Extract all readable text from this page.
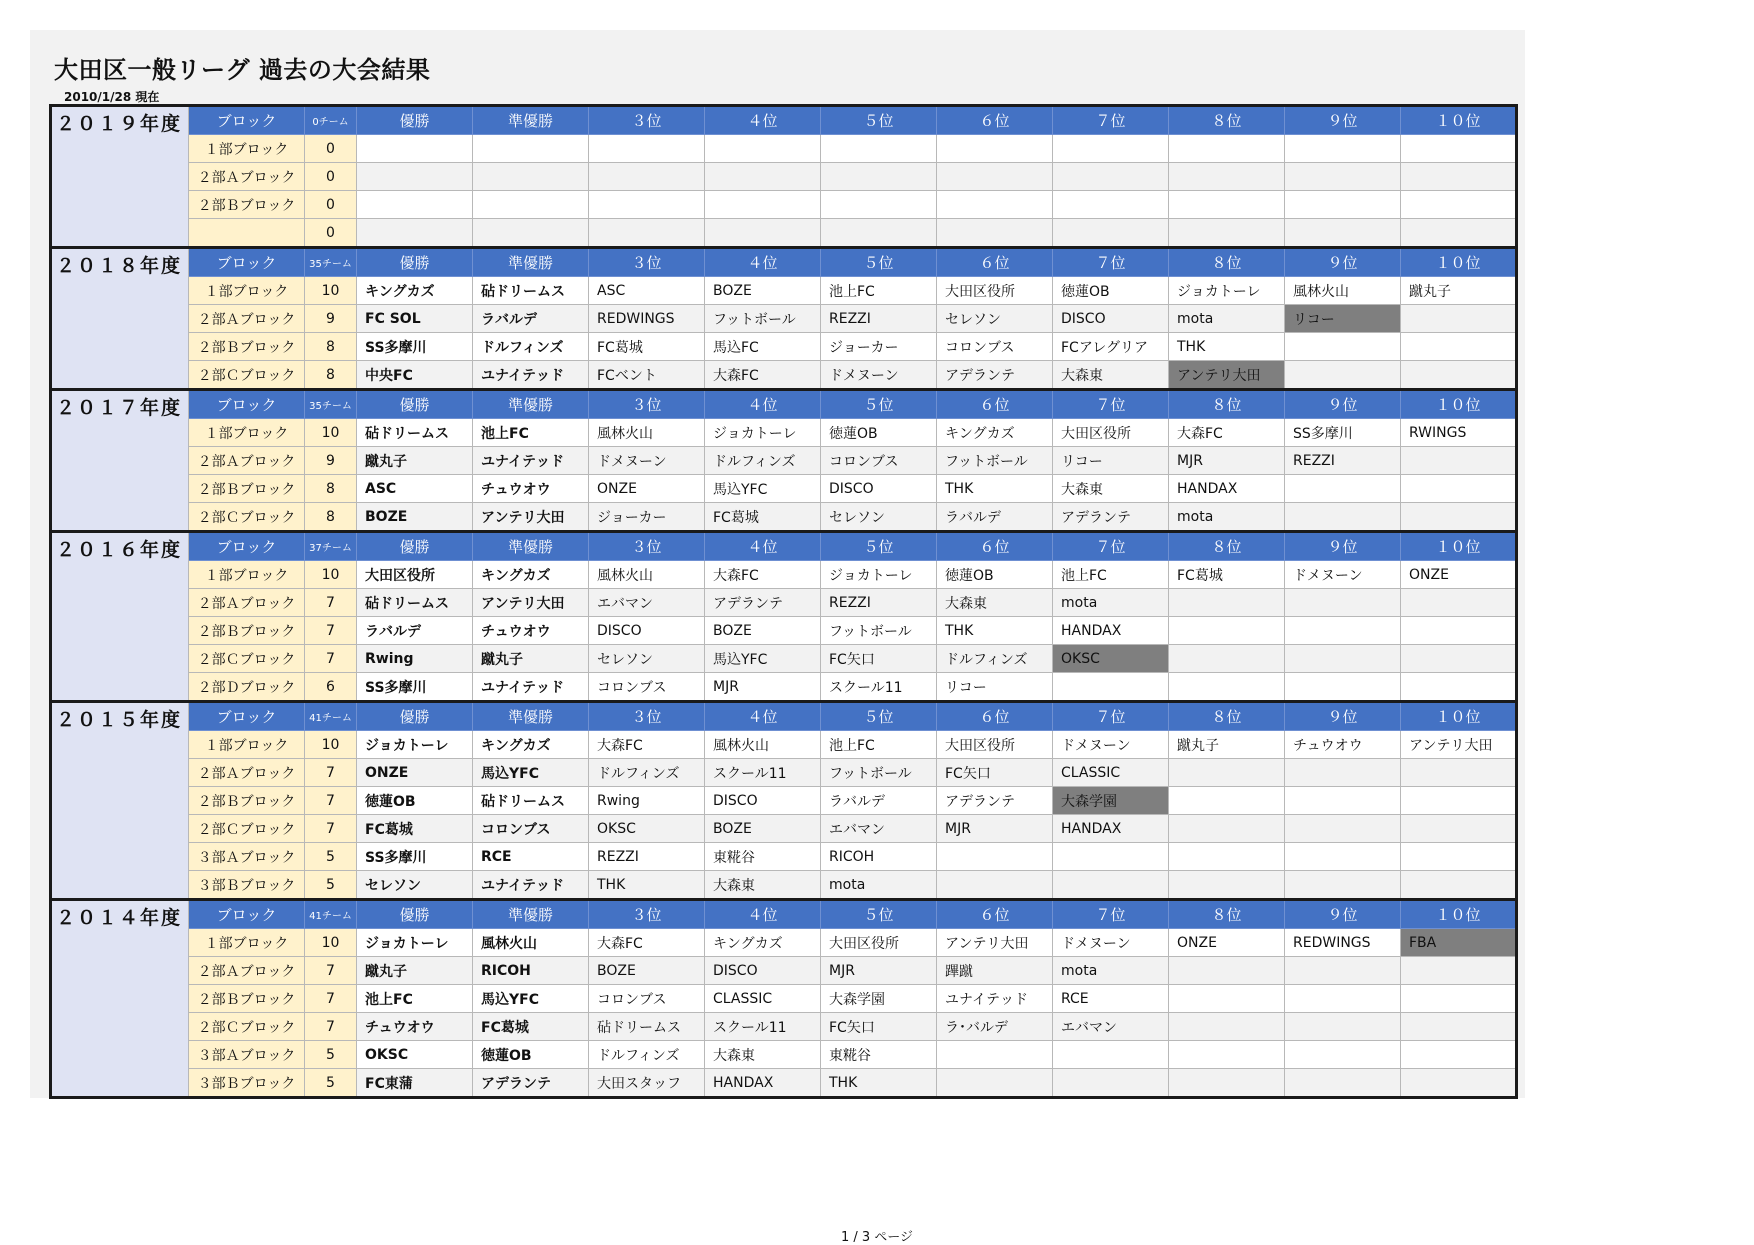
大田区一般リーグ 過去の大会結果
2010/1/28 現在
２０１９年度	ブロック	0チーム	優勝	準優勝	３位	４位	５位	６位	７位	８位	９位	１０位
	１部ブロック	0										
	２部Ａブロック	0										
	２部Ｂブロック	0										
		0										
２０１８年度	ブロック	35チーム	優勝	準優勝	３位	４位	５位	６位	７位	８位	９位	１０位
	１部ブロック	10	キングカズ	砧ドリームス	ASC	BOZE	池上FC	大田区役所	徳蓮OB	ジョカトーレ	風林火山	蹴丸子
	２部Ａブロック	9	FC SOL	ラバルデ	REDWINGS	フットボール	REZZI	セレソン	DISCO	mota	リコー	
	２部Ｂブロック	8	SS多摩川	ドルフィンズ	FC葛城	馬込FC	ジョーカー	コロンブス	FCアレグリア	THK		
	２部Ｃブロック	8	中央FC	ユナイテッド	FCベント	大森FC	ドメヌーン	アデランテ	大森東	アンテリ大田		
２０１７年度	ブロック	35チーム	優勝	準優勝	３位	４位	５位	６位	７位	８位	９位	１０位
	１部ブロック	10	砧ドリームス	池上FC	風林火山	ジョカトーレ	徳蓮OB	キングカズ	大田区役所	大森FC	SS多摩川	RWINGS
	２部Ａブロック	9	蹴丸子	ユナイテッド	ドメヌーン	ドルフィンズ	コロンブス	フットボール	リコー	MJR	REZZI	
	２部Ｂブロック	8	ASC	チュウオウ	ONZE	馬込YFC	DISCO	THK	大森東	HANDAX		
	２部Ｃブロック	8	BOZE	アンテリ大田	ジョーカー	FC葛城	セレソン	ラバルデ	アデランテ	mota		
２０１６年度	ブロック	37チーム	優勝	準優勝	３位	４位	５位	６位	７位	８位	９位	１０位
	１部ブロック	10	大田区役所	キングカズ	風林火山	大森FC	ジョカトーレ	徳蓮OB	池上FC	FC葛城	ドメヌーン	ONZE
	２部Ａブロック	7	砧ドリームス	アンテリ大田	エバマン	アデランテ	REZZI	大森東	mota			
	２部Ｂブロック	7	ラバルデ	チュウオウ	DISCO	BOZE	フットボール	THK	HANDAX			
	２部Ｃブロック	7	Rwing	蹴丸子	セレソン	馬込YFC	FC矢口	ドルフィンズ	OKSC			
	２部Ｄブロック	6	SS多摩川	ユナイテッド	コロンブス	MJR	スクール11	リコー				
２０１５年度	ブロック	41チーム	優勝	準優勝	３位	４位	５位	６位	７位	８位	９位	１０位
	１部ブロック	10	ジョカトーレ	キングカズ	大森FC	風林火山	池上FC	大田区役所	ドメヌーン	蹴丸子	チュウオウ	アンテリ大田
	２部Ａブロック	7	ONZE	馬込YFC	ドルフィンズ	スクール11	フットボール	FC矢口	CLASSIC			
	２部Ｂブロック	7	徳蓮OB	砧ドリームス	Rwing	DISCO	ラバルデ	アデランテ	大森学園			
	２部Ｃブロック	7	FC葛城	コロンブス	OKSC	BOZE	エバマン	MJR	HANDAX			
	３部Ａブロック	5	SS多摩川	RCE	REZZI	東糀谷	RICOH					
	３部Ｂブロック	5	セレソン	ユナイテッド	THK	大森東	mota					
２０１４年度	ブロック	41チーム	優勝	準優勝	３位	４位	５位	６位	７位	８位	９位	１０位
	１部ブロック	10	ジョカトーレ	風林火山	大森FC	キングカズ	大田区役所	アンテリ大田	ドメヌーン	ONZE	REDWINGS	FBA
	２部Ａブロック	7	蹴丸子	RICOH	BOZE	DISCO	MJR	蹕蹴	mota			
	２部Ｂブロック	7	池上FC	馬込YFC	コロンブス	CLASSIC	大森学園	ユナイテッド	RCE			
	２部Ｃブロック	7	チュウオウ	FC葛城	砧ドリームス	スクール11	FC矢口	ラ･バルデ	エバマン			
	３部Ａブロック	5	OKSC	徳蓮OB	ドルフィンズ	大森東	東糀谷					
	３部Ｂブロック	5	FC東蒲	アデランテ	大田スタッフ	HANDAX	THK					
1 / 3 ページ
